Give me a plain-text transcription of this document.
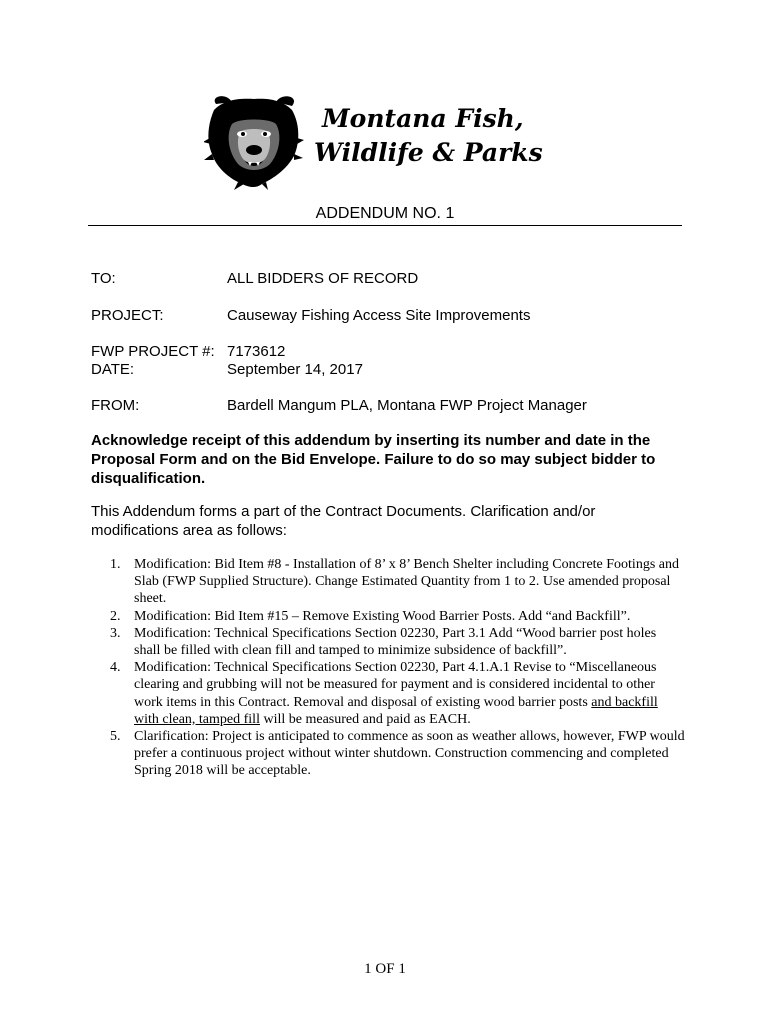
Montana Fish,
Wildlife & Parks
ADDENDUM NO. 1
TO:	ALL BIDDERS OF RECORD
PROJECT:	Causeway Fishing Access Site Improvements
FWP PROJECT #: 7173612
DATE:	September 14, 2017
FROM:	Bardell Mangum PLA, Montana FWP Project Manager
Acknowledge receipt of this addendum by inserting its number and date in the Proposal Form and on the Bid Envelope. Failure to do so may subject bidder to disqualification.
This Addendum forms a part of the Contract Documents. Clarification and/or modifications area as follows:
1. Modification: Bid Item #8 - Installation of 8’ x 8’ Bench Shelter including Concrete Footings and Slab (FWP Supplied Structure). Change Estimated Quantity from 1 to 2. Use amended proposal sheet.
2. Modification: Bid Item #15 – Remove Existing Wood Barrier Posts. Add “and Backfill”.
3. Modification: Technical Specifications Section 02230, Part 3.1 Add “Wood barrier post holes shall be filled with clean fill and tamped to minimize subsidence of backfill”.
4. Modification: Technical Specifications Section 02230, Part 4.1.A.1 Revise to “Miscellaneous clearing and grubbing will not be measured for payment and is considered incidental to other work items in this Contract. Removal and disposal of existing wood barrier posts and backfill with clean, tamped fill will be measured and paid as EACH.
5. Clarification: Project is anticipated to commence as soon as weather allows, however, FWP would prefer a continuous project without winter shutdown. Construction commencing and completed Spring 2018 will be acceptable.
1 OF 1
